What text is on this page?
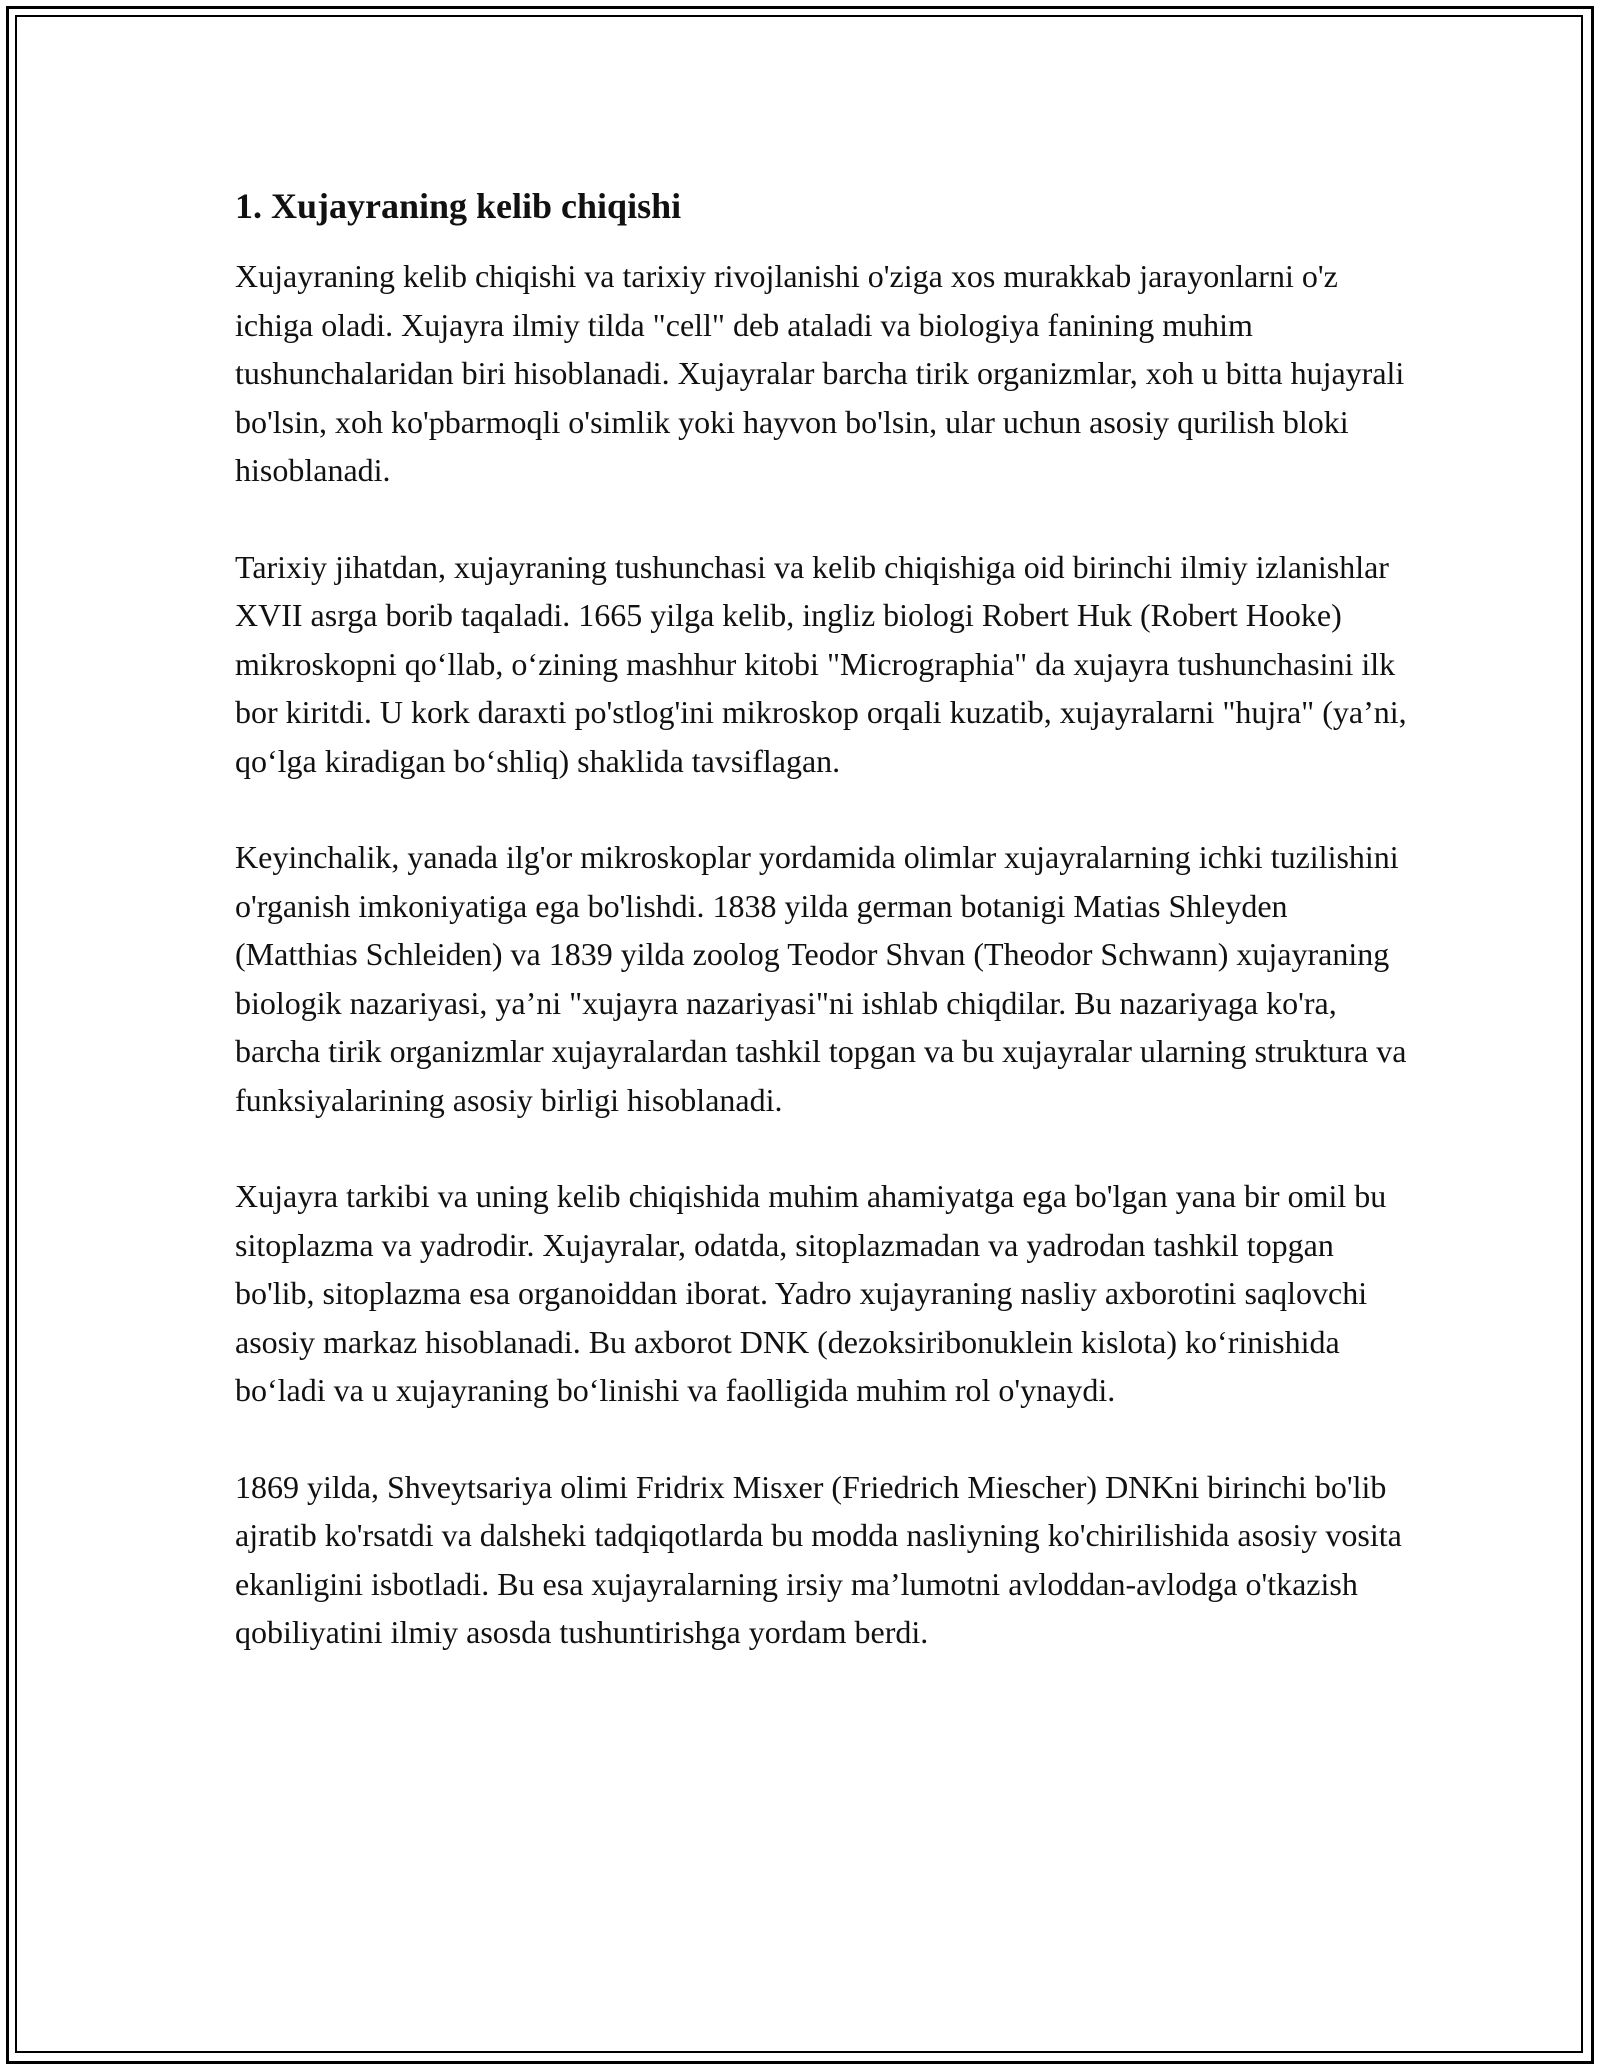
1. Xujayraning kelib chiqishi

Xujayraning kelib chiqishi va tarixiy rivojlanishi o'ziga xos murakkab jarayonlarni o'z ichiga oladi. Xujayra ilmiy tilda "cell" deb ataladi va biologiya fanining muhim tushunchalaridan biri hisoblanadi. Xujayralar barcha tirik organizmlar, xoh u bitta hujayrali bo'lsin, xoh ko'pbarmoqli o'simlik yoki hayvon bo'lsin, ular uchun asosiy qurilish bloki hisoblanadi.

Tarixiy jihatdan, xujayraning tushunchasi va kelib chiqishiga oid birinchi ilmiy izlanishlar XVII asrga borib taqaladi. 1665 yilga kelib, ingliz biologi Robert Huk (Robert Hooke) mikroskopni qo‘llab, o‘zining mashhur kitobi "Micrographia" da xujayra tushunchasini ilk bor kiritdi. U kork daraxti po'stlog'ini mikroskop orqali kuzatib, xujayralarni "hujra" (ya’ni, qo‘lga kiradigan bo‘shliq) shaklida tavsiflagan.

Keyinchalik, yanada ilg'or mikroskoplar yordamida olimlar xujayralarning ichki tuzilishini o'rganish imkoniyatiga ega bo'lishdi. 1838 yilda german botanigi Matias Shleyden (Matthias Schleiden) va 1839 yilda zoolog Teodor Shvan (Theodor Schwann) xujayraning biologik nazariyasi, ya’ni "xujayra nazariyasi"ni ishlab chiqdilar. Bu nazariyaga ko'ra, barcha tirik organizmlar xujayralardan tashkil topgan va bu xujayralar ularning struktura va funksiyalarining asosiy birligi hisoblanadi.

Xujayra tarkibi va uning kelib chiqishida muhim ahamiyatga ega bo'lgan yana bir omil bu sitoplazma va yadrodir. Xujayralar, odatda, sitoplazmadan va yadrodan tashkil topgan bo'lib, sitoplazma esa organoiddan iborat. Yadro xujayraning nasliy axborotini saqlovchi asosiy markaz hisoblanadi. Bu axborot DNK (dezoksiribonuklein kislota) ko‘rinishida bo‘ladi va u xujayraning bo‘linishi va faolligida muhim rol o'ynaydi.

1869 yilda, Shveytsariya olimi Fridrix Misxer (Friedrich Miescher) DNKni birinchi bo'lib ajratib ko'rsatdi va dalsheki tadqiqotlarda bu modda nasliyning ko'chirilishida asosiy vosita ekanligini isbotladi. Bu esa xujayralarning irsiy ma’lumotni avloddan-avlodga o'tkazish qobiliyatini ilmiy asosda tushuntirishga yordam berdi.
